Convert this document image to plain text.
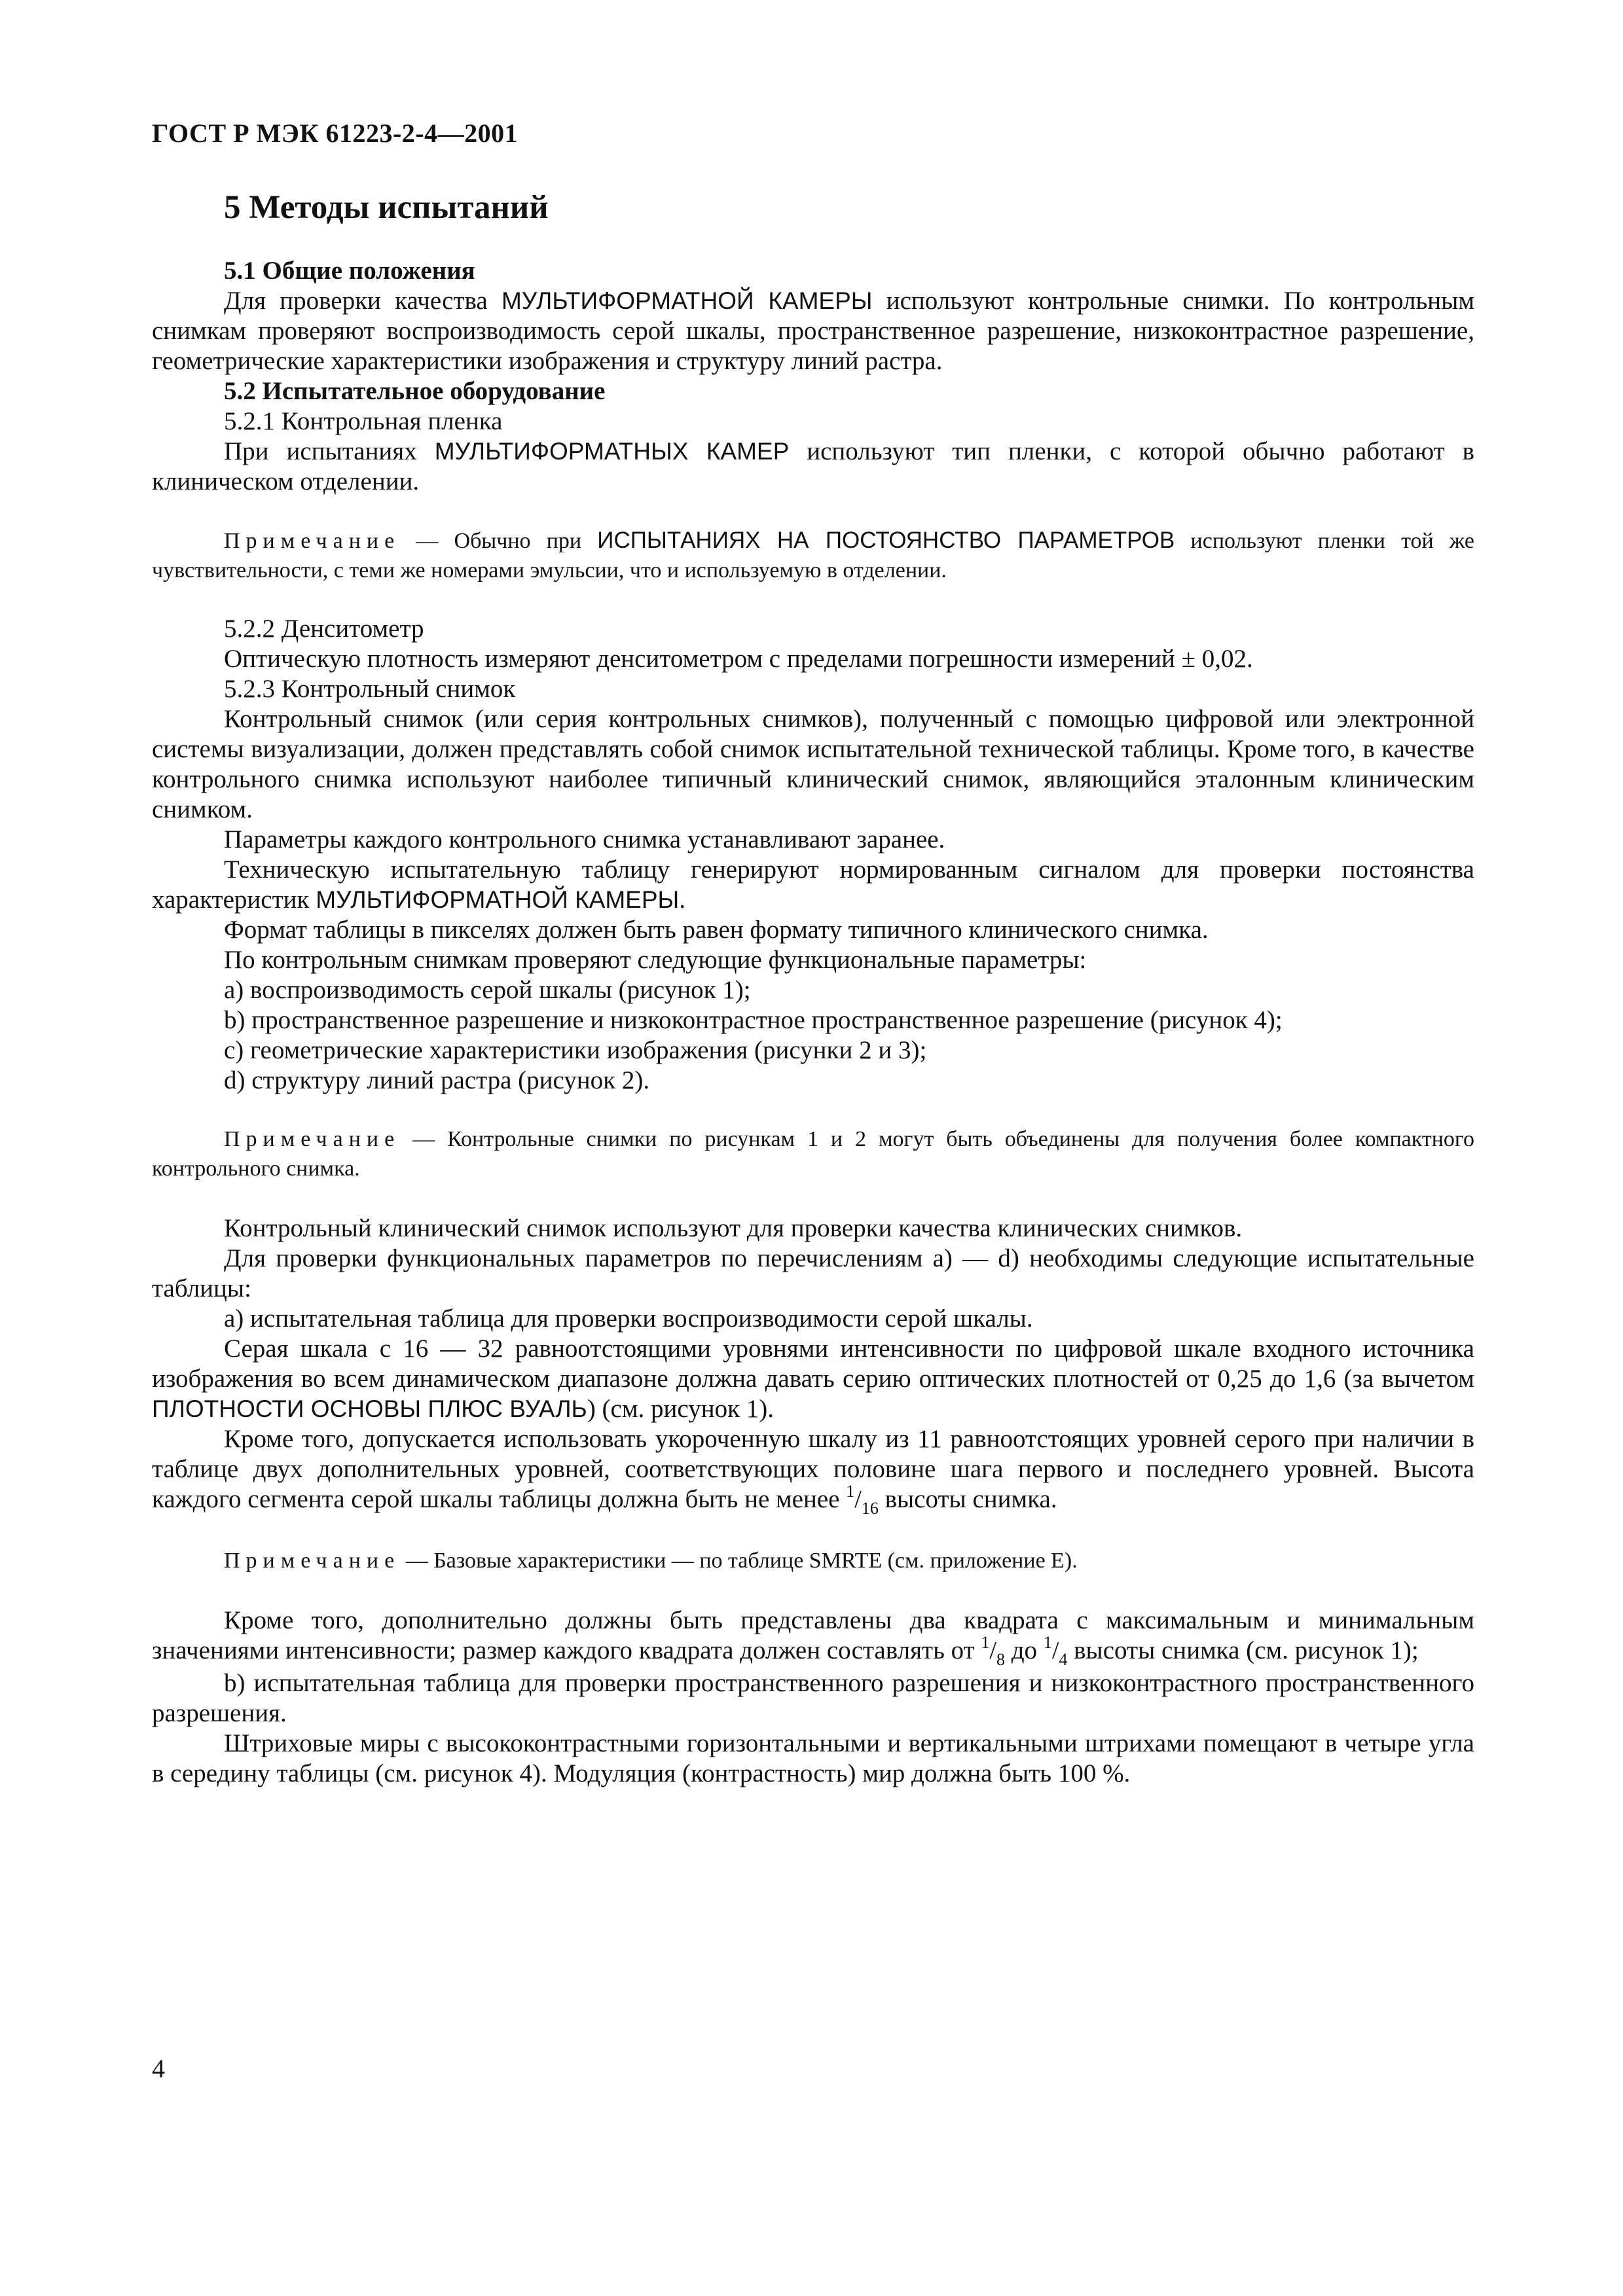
ГОСТ Р МЭК 61223-2-4—2001
5 Методы испытаний

5.1 Общие положения

Для проверки качества МУЛЬТИФОРМАТНОЙ КАМЕРЫ используют контрольные снимки. По контрольным снимкам проверяют воспроизводимость серой шкалы, пространственное разрешение, низкоконтрастное разрешение, геометрические характеристики изображения и структуру линий растра.

5.2 Испытательное оборудование

5.2.1 Контрольная пленка

При испытаниях МУЛЬТИФОРМАТНЫХ КАМЕР используют тип пленки, с которой обычно работают в клиническом отделении.

Примечание — Обычно при ИСПЫТАНИЯХ НА ПОСТОЯНСТВО ПАРАМЕТРОВ используют пленки той же чувствительности, с теми же номерами эмульсии, что и используемую в отделении.

5.2.2 Денситометр

Оптическую плотность измеряют денситометром с пределами погрешности измерений ± 0,02.

5.2.3 Контрольный снимок

Контрольный снимок (или серия контрольных снимков), полученный с помощью цифровой или электронной системы визуализации, должен представлять собой снимок испытательной технической таблицы. Кроме того, в качестве контрольного снимка используют наиболее типичный клинический снимок, являющийся эталонным клиническим снимком.

Параметры каждого контрольного снимка устанавливают заранее.

Техническую испытательную таблицу генерируют нормированным сигналом для проверки постоянства характеристик МУЛЬТИФОРМАТНОЙ КАМЕРЫ.

Формат таблицы в пикселях должен быть равен формату типичного клинического снимка.

По контрольным снимкам проверяют следующие функциональные параметры:

a) воспроизводимость серой шкалы (рисунок 1);

b) пространственное разрешение и низкоконтрастное пространственное разрешение (рисунок 4);

c) геометрические характеристики изображения (рисунки 2 и 3);

d) структуру линий растра (рисунок 2).

Примечание — Контрольные снимки по рисункам 1 и 2 могут быть объединены для получения более компактного контрольного снимка.

Контрольный клинический снимок используют для проверки качества клинических снимков.

Для проверки функциональных параметров по перечислениям a) — d) необходимы следующие испытательные таблицы:

a) испытательная таблица для проверки воспроизводимости серой шкалы.

Серая шкала с 16 — 32 равноотстоящими уровнями интенсивности по цифровой шкале входного источника изображения во всем динамическом диапазоне должна давать серию оптических плотностей от 0,25 до 1,6 (за вычетом ПЛОТНОСТИ ОСНОВЫ ПЛЮС ВУАЛЬ) (см. рисунок 1).

Кроме того, допускается использовать укороченную шкалу из 11 равноотстоящих уровней серого при наличии в таблице двух дополнительных уровней, соответствующих половине шага первого и последнего уровней. Высота каждого сегмента серой шкалы таблицы должна быть не менее $^1/_{16}$ высоты снимка.

Примечание — Базовые характеристики — по таблице SMRTE (см. приложение E).

Кроме того, дополнительно должны быть представлены два квадрата с максимальным и минимальным значениями интенсивности; размер каждого квадрата должен составлять от $^1/_8$ до $^1/_4$ высоты снимка (см. рисунок 1);

b) испытательная таблица для проверки пространственного разрешения и низкоконтрастного пространственного разрешения.

Штриховые миры с высококонтрастными горизонтальными и вертикальными штрихами помещают в четыре угла в середину таблицы (см. рисунок 4). Модуляция (контрастность) мир должна быть 100 %.

4
